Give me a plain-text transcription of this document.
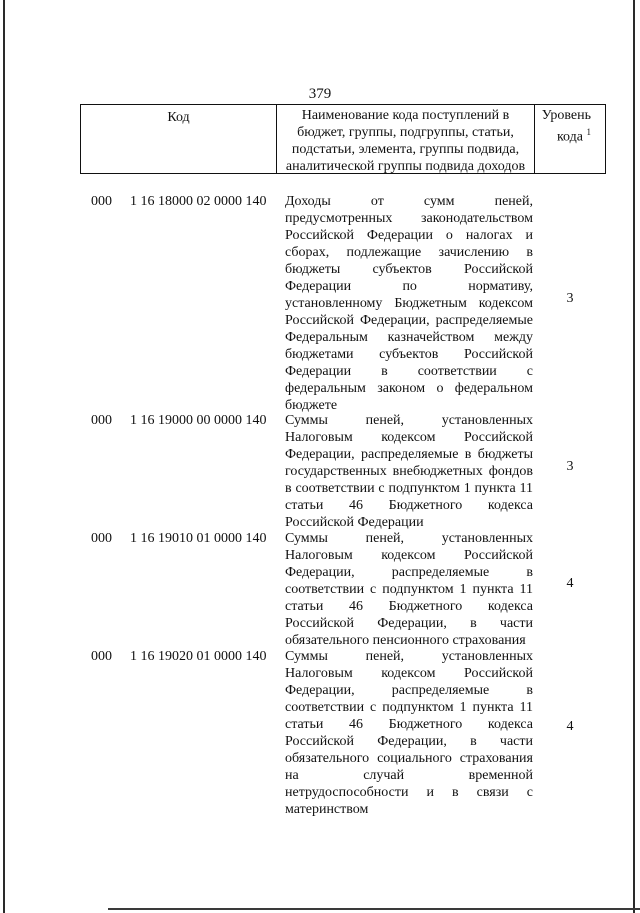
379
Код	Наименование кода поступлений в бюджет, группы, подгруппы, статьи, подстатьи, элемента, группы подвида, аналитической группы подвида доходов
Уровень кода $^1$
000 1 16 18000 02 0000 140 Доходы от сумм пеней, предусмотренных законодательством Российской Федерации о налогах и сборах, подлежащие зачислению в бюджеты субъектов Российской Федерации по нормативу, установленному Бюджетным кодексом Российской Федерации, распределяемые Федеральным казначейством между бюджетами субъектов Российской Федерации в соответствии с федеральным законом о федеральном бюджете
3
000 1 16 19000 00 0000 140 Суммы пеней, установленных Налоговым кодексом Российской Федерации, распределяемые в бюджеты государственных внебюджетных фондов в соответствии с подпунктом 1 пункта 11 статьи 46 Бюджетного кодекса Российской Федерации
3
000 1 16 19010 01 0000 140 Суммы пеней, установленных Налоговым кодексом Российской Федерации, распределяемые в соответствии с подпунктом 1 пункта 11 статьи 46 Бюджетного кодекса Российской Федерации, в части обязательного пенсионного страхования
4
000 1 16 19020 01 0000 140 Суммы пеней, установленных Налоговым кодексом Российской Федерации, распределяемые в соответствии с подпунктом 1 пункта 11 статьи 46 Бюджетного кодекса Российской Федерации, в части обязательного социального страхования на случай временной нетрудоспособности и в связи с материнством
4
